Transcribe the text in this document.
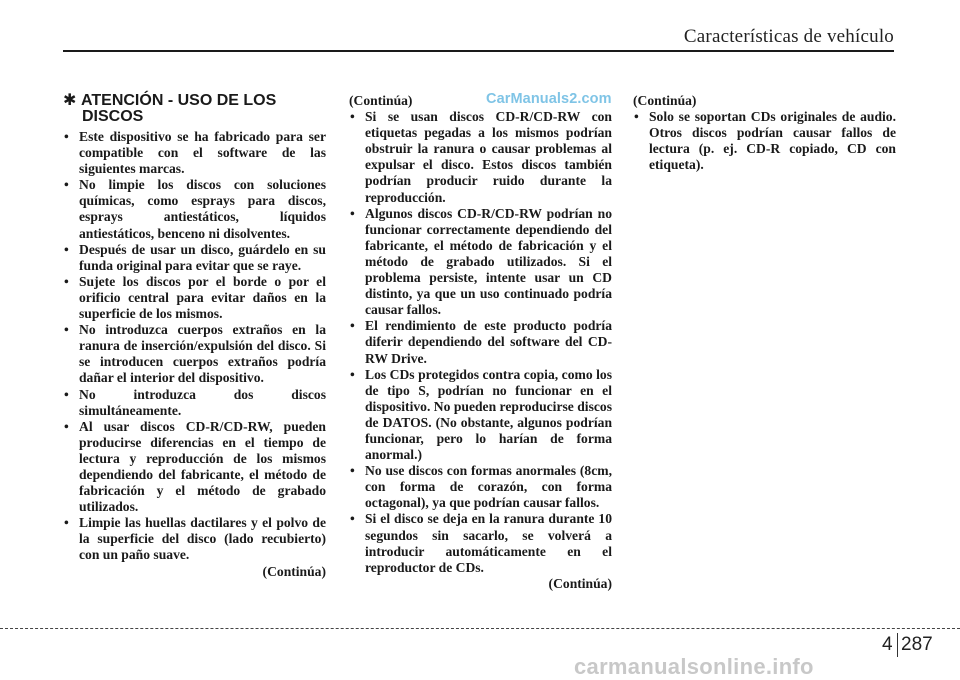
Características de vehículo
CarManuals2.com
✱ ATENCIÓN - USO DE LOS
DISCOS
• Este dispositivo se ha fabricado para ser compatible con el software de las siguientes marcas.
• No limpie los discos con soluciones químicas, como esprays para discos, esprays antiestáticos, líquidos antiestáticos, benceno ni disolventes.
• Después de usar un disco, guárdelo en su funda original para evitar que se raye.
• Sujete los discos por el borde o por el orificio central para evitar daños en la superficie de los mismos.
• No introduzca cuerpos extraños en la ranura de inserción/expulsión del disco. Si se introducen cuerpos extraños podría dañar el interior del dispositivo.
• No introduzca dos discos simultáneamente.
• Al usar discos CD-R/CD-RW, pueden producirse diferencias en el tiempo de lectura y reproducción de los mismos dependiendo del fabricante, el método de fabricación y el método de grabado utilizados.
• Limpie las huellas dactilares y el polvo de la superficie del disco (lado recubierto) con un paño suave.
(Continúa)
(Continúa)
• Si se usan discos CD-R/CD-RW con etiquetas pegadas a los mismos podrían obstruir la ranura o causar problemas al expulsar el disco. Estos discos también podrían producir ruido durante la reproducción.
• Algunos discos CD-R/CD-RW podrían no funcionar correctamente dependiendo del fabricante, el método de fabricación y el método de grabado utilizados. Si el problema persiste, intente usar un CD distinto, ya que un uso continuado podría causar fallos.
• El rendimiento de este producto podría diferir dependiendo del software del CD-RW Drive.
• Los CDs protegidos contra copia, como los de tipo S, podrían no funcionar en el dispositivo. No pueden reproducirse discos de DATOS. (No obstante, algunos podrían funcionar, pero lo harían de forma anormal.)
• No use discos con formas anormales (8cm, con forma de corazón, con forma octagonal), ya que podrían causar fallos.
• Si el disco se deja en la ranura durante 10 segundos sin sacarlo, se volverá a introducir automáticamente en el reproductor de CDs.
(Continúa)
(Continúa)
• Solo se soportan CDs originales de audio. Otros discos podrían causar fallos de lectura (p. ej. CD-R copiado, CD con etiqueta).
4 287
carmanualsonline.info
